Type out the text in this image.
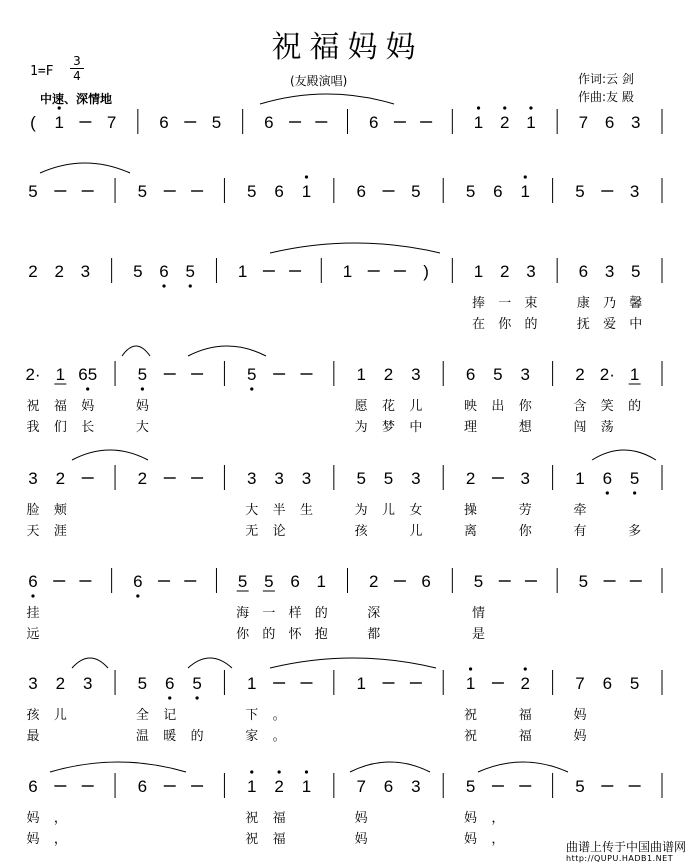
( 1	7	6	5	6	6	1 2 1	7 6 3
5	5	5 6 1	6	5	5 6 1	5	3
2 2 3	5 6 5	1	1	)	1 2 3	6 3 5
捧 一 束	康 乃 馨
在 你 的	抚 爱 中
2· 1 65 5	5	1 2 3	6 5 3	2 2· 1
祝 福 妈	妈	愿 花 儿	映 出 你	含 笑 的
我 们 长	大	为 梦 中	理	想	闯 荡
3 2	2	3 3 3	5 5 3	2	3	1 6 5
脸 颊	大 半 生	为 儿 女	操	劳	牵
天 涯	无 论	孩	儿	离	你	有	多
6	6	5 5 6 1	2	6	5	5
挂	海 一 样 的	深	情
远	你 的 怀 抱	都	是
3 2 3	5 6 5	1	1	1	2	7 6 5
孩 儿	全 记	下 。	祝	福	妈
最	温 暖 的	家 。	祝	福	妈
6	6	1 2 1	7 6 3	5	5
妈 ，	祝 福	妈	妈 ，
妈 ，	祝 福	妈	妈 ，
祝福妈妈
$1=F \frac{3}{4}$
中速、深情地
(友殿演唱)	作词:云 剑
作曲:友 殿
曲谱上传于中国曲谱网
http://QUPU.HADB1.NET
